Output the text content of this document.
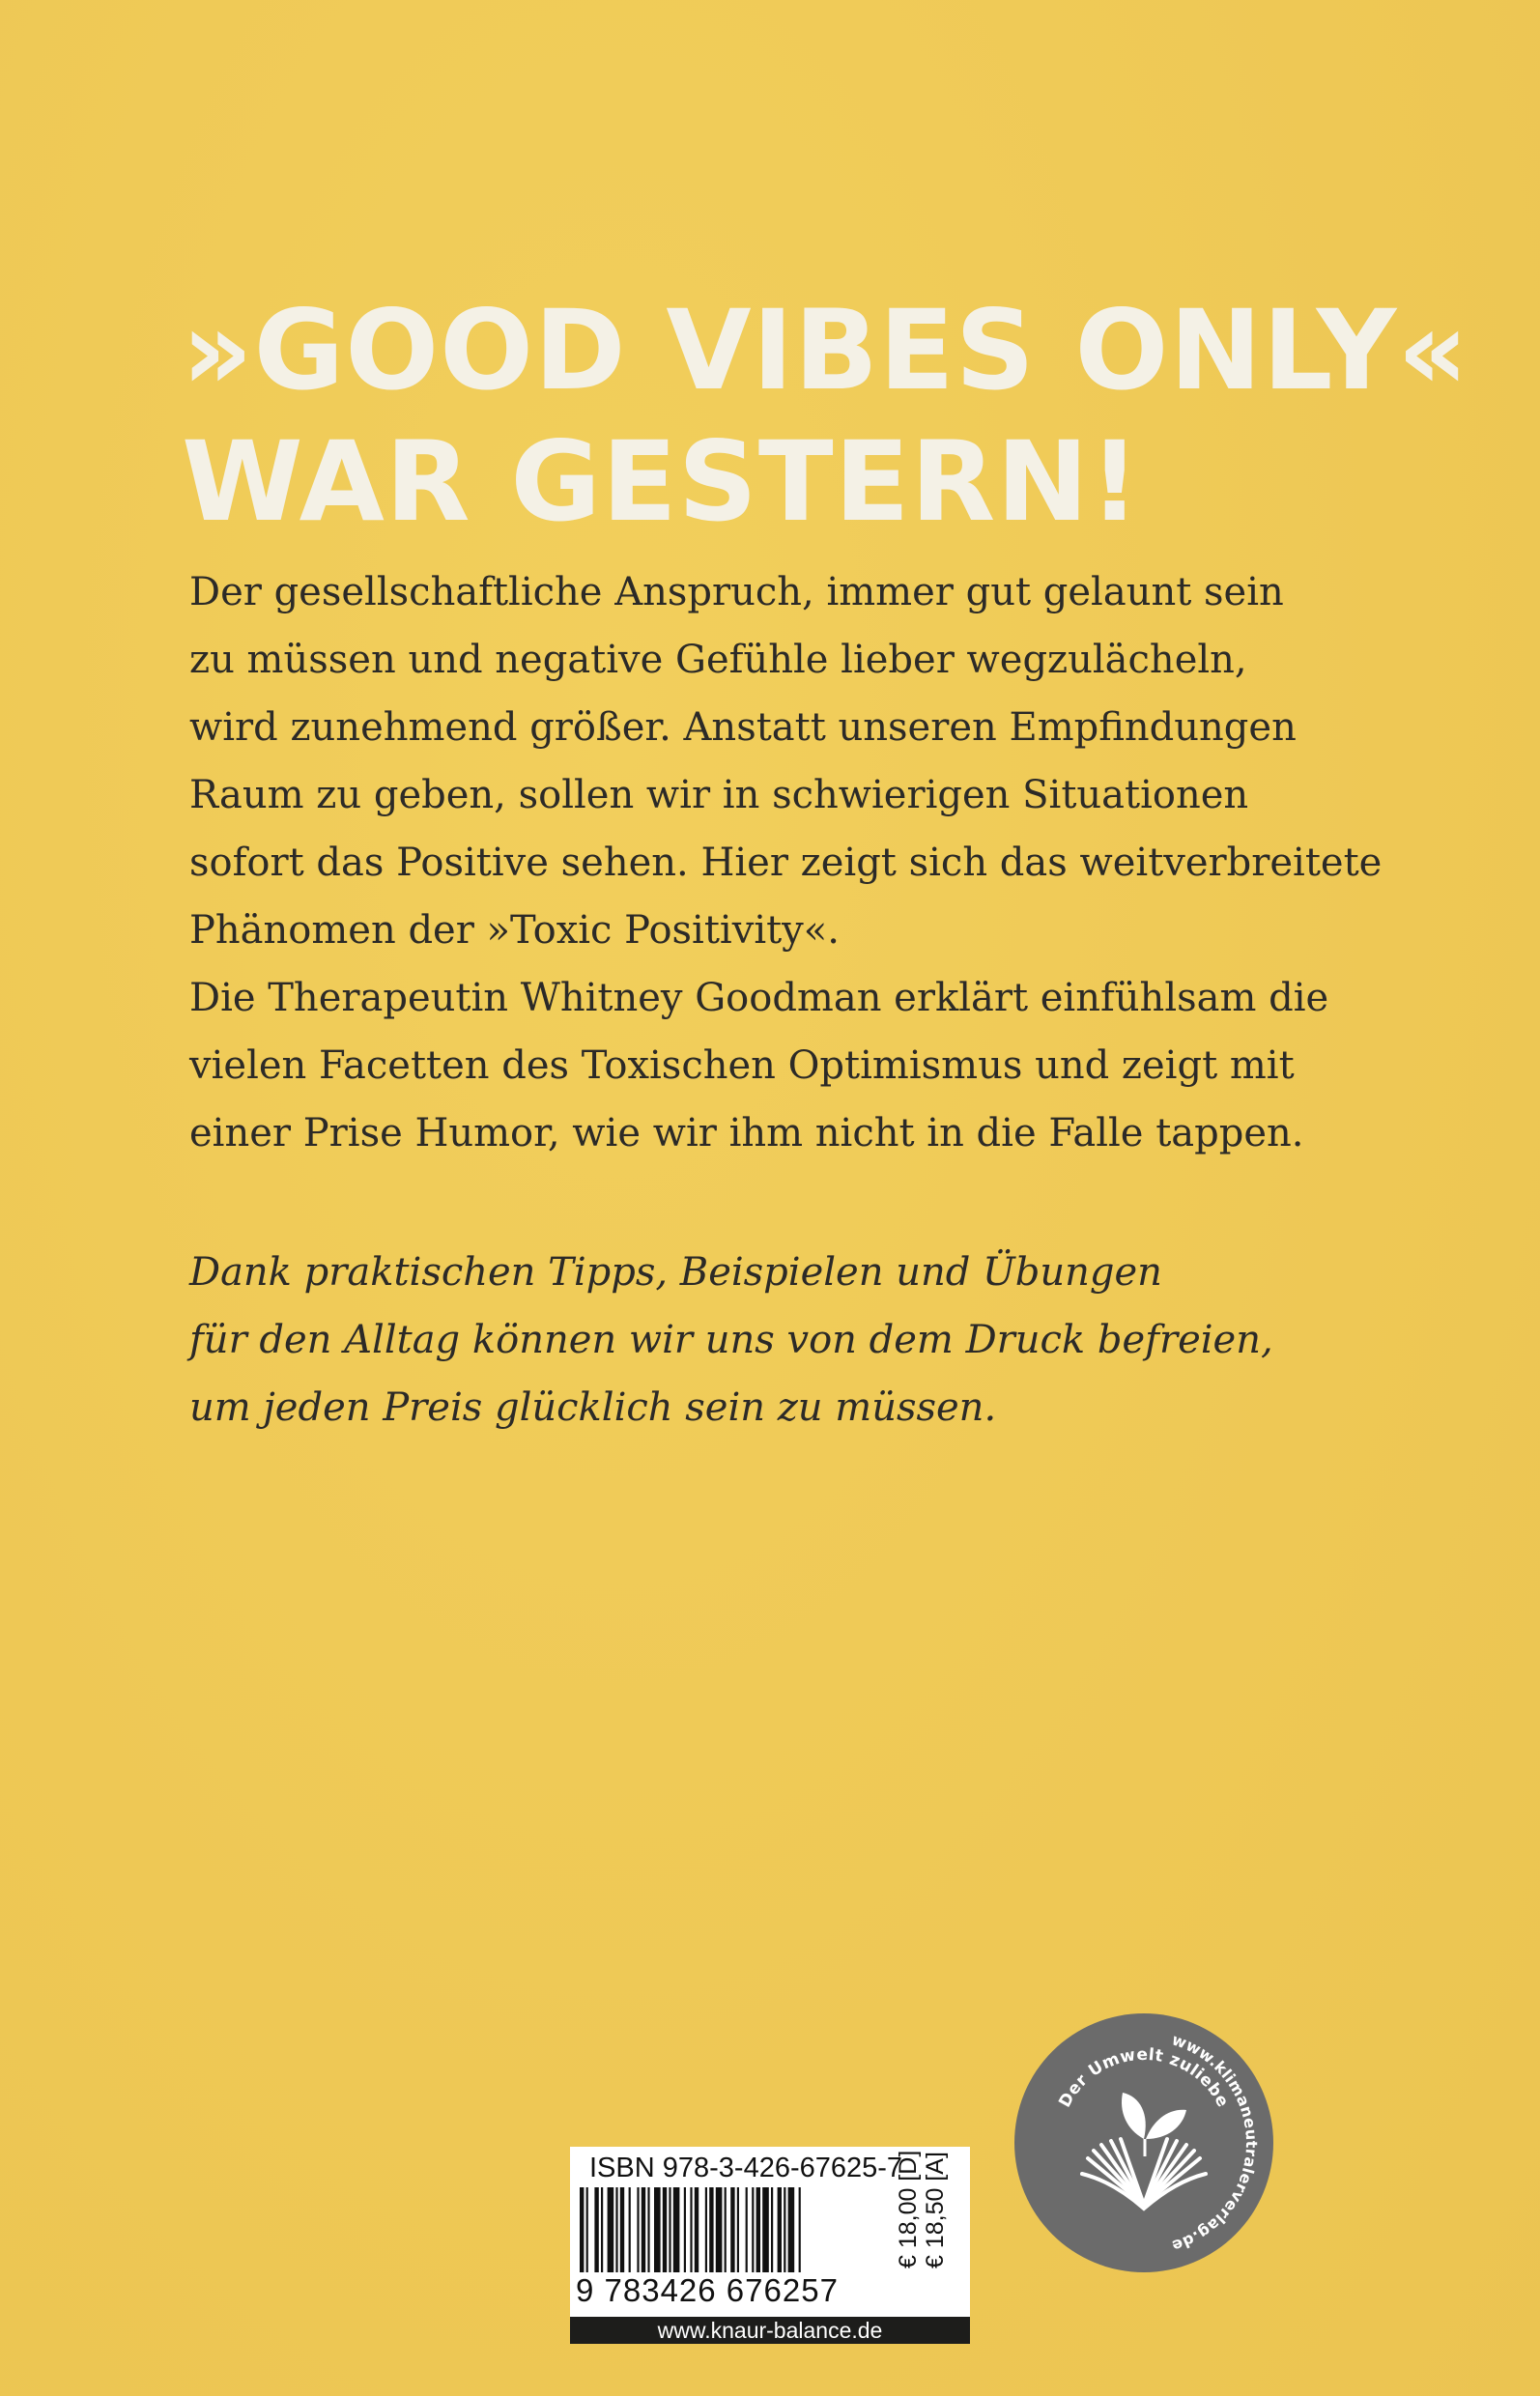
»GOOD VIBES ONLY«
WAR GESTERN!
Der gesellschaftliche Anspruch, immer gut gelaunt sein
zu müssen und negative Gefühle lieber wegzulächeln,
wird zunehmend größer. Anstatt unseren Empfindungen
Raum zu geben, sollen wir in schwierigen Situationen
sofort das Positive sehen. Hier zeigt sich das weitverbreitete
Phänomen der »Toxic Positivity«.
Die Therapeutin Whitney Goodman erklärt einfühlsam die
vielen Facetten des Toxischen Optimismus und zeigt mit
einer Prise Humor, wie wir ihm nicht in die Falle tappen.
Dank praktischen Tipps, Beispielen und Übungen
für den Alltag können wir uns von dem Druck befreien,
um jeden Preis glücklich sein zu müssen.
Der Umwelt zuliebe
www.klimaneutralerverlag.de
ISBN 978-3-426-67625-7
9 783426 676257
€ 18,00 [D] € 18,50 [A]
www.knaur-balance.de
